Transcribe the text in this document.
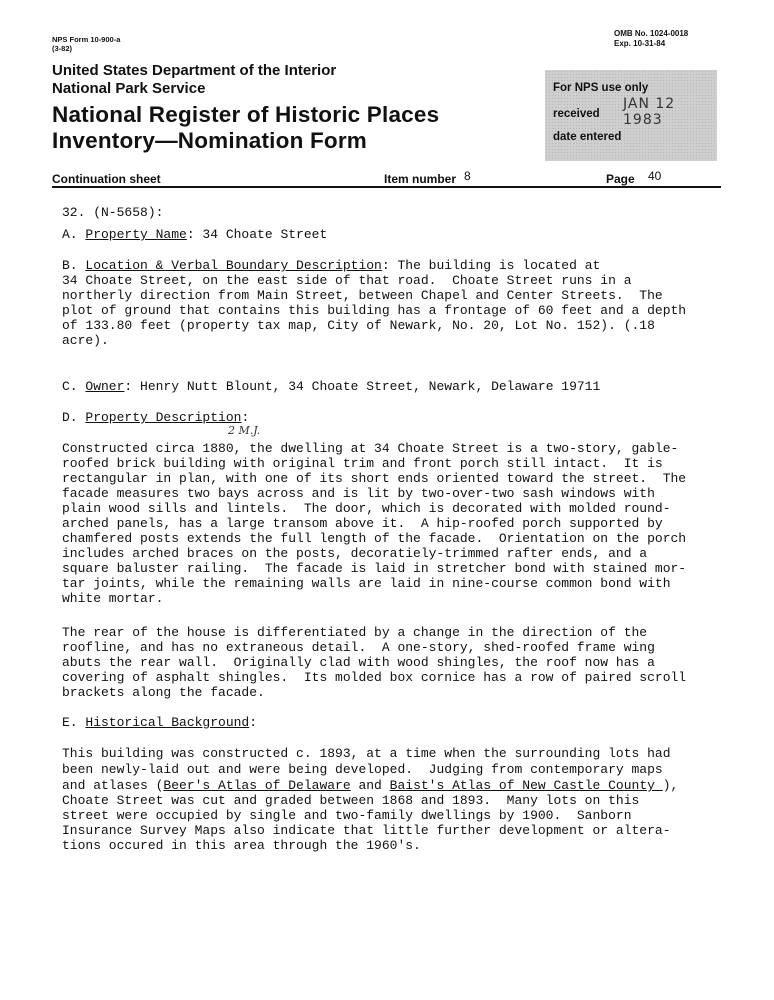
NPS Form 10-900-a
(3-82)
OMB No. 1024-0018
Exp. 10-31-84
United States Department of the Interior
National Park Service
National Register of Historic Places
Inventory—Nomination Form
For NPS use only
received
JAN 12 1983
date entered
Continuation sheet	Item number 8	Page 40
32. (N-5658):
A. Property Name: 34 Choate Street
B. Location & Verbal Boundary Description: The building is located at
34 Choate Street, on the east side of that road.  Choate Street runs in a
northerly direction from Main Street, between Chapel and Center Streets.  The
plot of ground that contains this building has a frontage of 60 feet and a depth
of 133.80 feet (property tax map, City of Newark, No. 20, Lot No. 152). (.18
acre).
C. Owner: Henry Nutt Blount, 34 Choate Street, Newark, Delaware 19711
D. Property Description:
2 M.J.
Constructed circa 1880, the dwelling at 34 Choate Street is a two-story, gable-
roofed brick building with original trim and front porch still intact.  It is
rectangular in plan, with one of its short ends oriented toward the street.  The
facade measures two bays across and is lit by two-over-two sash windows with
plain wood sills and lintels.  The door, which is decorated with molded round-
arched panels, has a large transom above it.  A hip-roofed porch supported by
chamfered posts extends the full length of the facade.  Orientation on the porch
includes arched braces on the posts, decoratiely-trimmed rafter ends, and a
square baluster railing.  The facade is laid in stretcher bond with stained mor-
tar joints, while the remaining walls are laid in nine-course common bond with
white mortar.
The rear of the house is differentiated by a change in the direction of the
roofline, and has no extraneous detail.  A one-story, shed-roofed frame wing
abuts the rear wall.  Originally clad with wood shingles, the roof now has a
covering of asphalt shingles.  Its molded box cornice has a row of paired scroll
brackets along the facade.
E. Historical Background:
This building was constructed c. 1893, at a time when the surrounding lots had
been newly-laid out and were being developed.  Judging from contemporary maps
and atlases (Beer's Atlas of Delaware and Baist's Atlas of New Castle County ),
Choate Street was cut and graded between 1868 and 1893.  Many lots on this
street were occupied by single and two-family dwellings by 1900.  Sanborn
Insurance Survey Maps also indicate that little further development or altera-
tions occured in this area through the 1960's.
